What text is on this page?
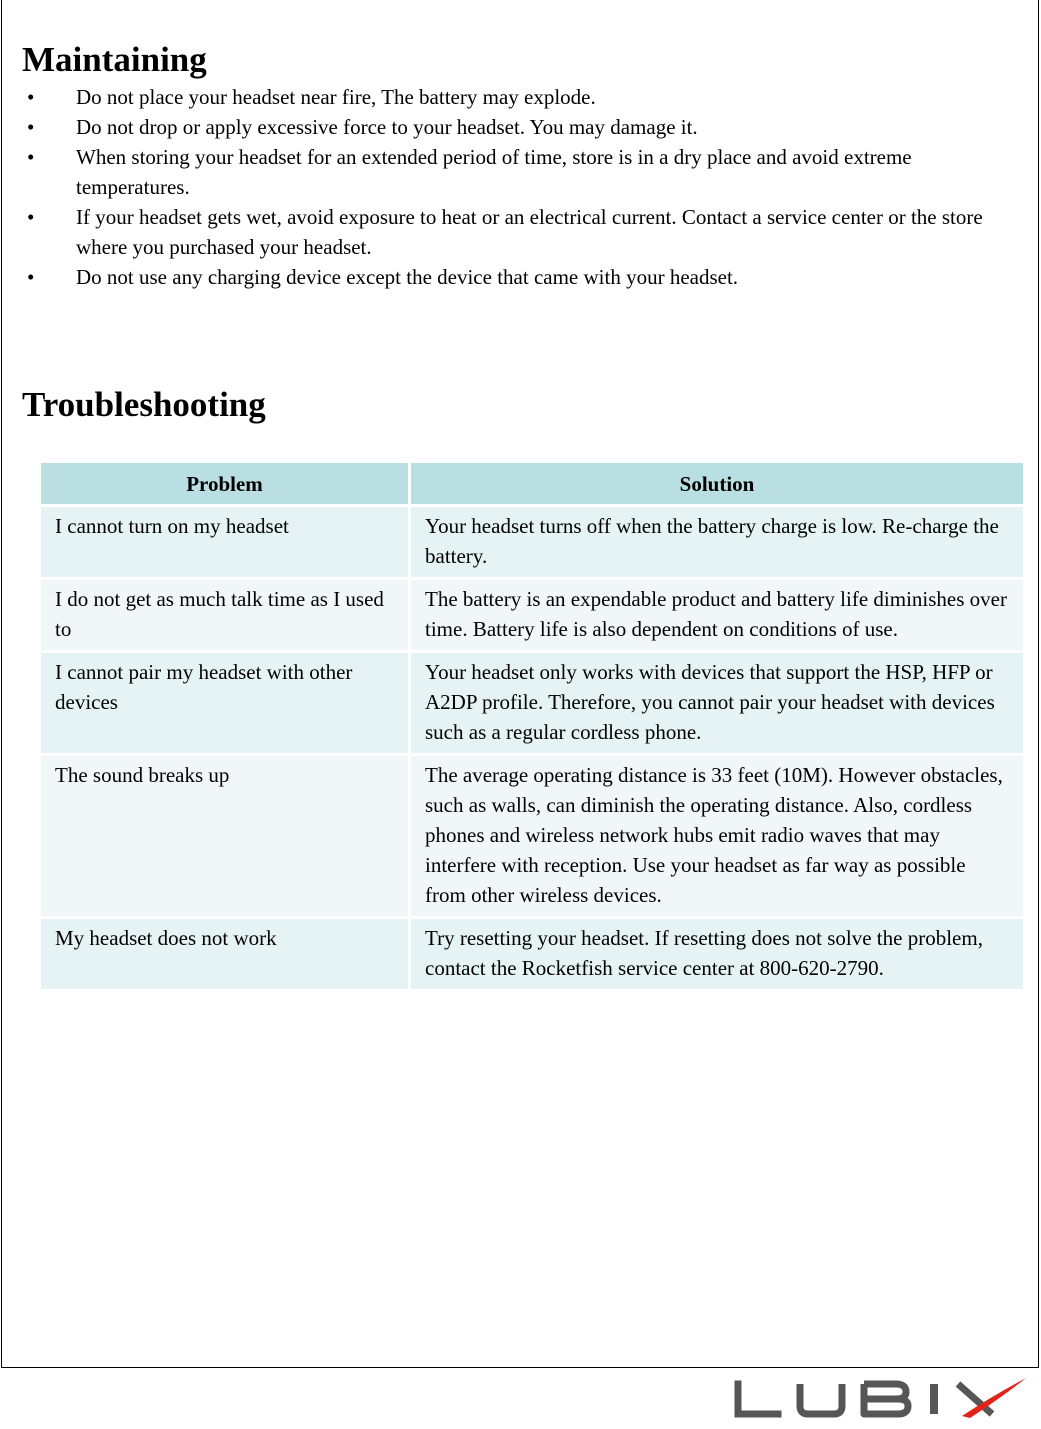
Maintaining
• Do not place your headset near fire, The battery may explode.
• Do not drop or apply excessive force to your headset. You may damage it.
• When storing your headset for an extended period of time, store is in a dry place and avoid extreme temperatures.
• If your headset gets wet, avoid exposure to heat or an electrical current. Contact a service center or the store where you purchased your headset.
• Do not use any charging device except the device that came with your headset.
Troubleshooting
Problem	Solution
I cannot turn on my headset	Your headset turns off when the battery charge is low. Re-charge the battery.
I do not get as much talk time as I used to	The battery is an expendable product and battery life diminishes over time. Battery life is also dependent on conditions of use.
I cannot pair my headset with other devices	Your headset only works with devices that support the HSP, HFP or A2DP profile. Therefore, you cannot pair your headset with devices such as a regular cordless phone.
The sound breaks up	The average operating distance is 33 feet (10M). However obstacles, such as walls, can diminish the operating distance. Also, cordless phones and wireless network hubs emit radio waves that may interfere with reception. Use your headset as far way as possible from other wireless devices.
My headset does not work	Try resetting your headset. If resetting does not solve the problem, contact the Rocketfish service center at 800-620-2790.
